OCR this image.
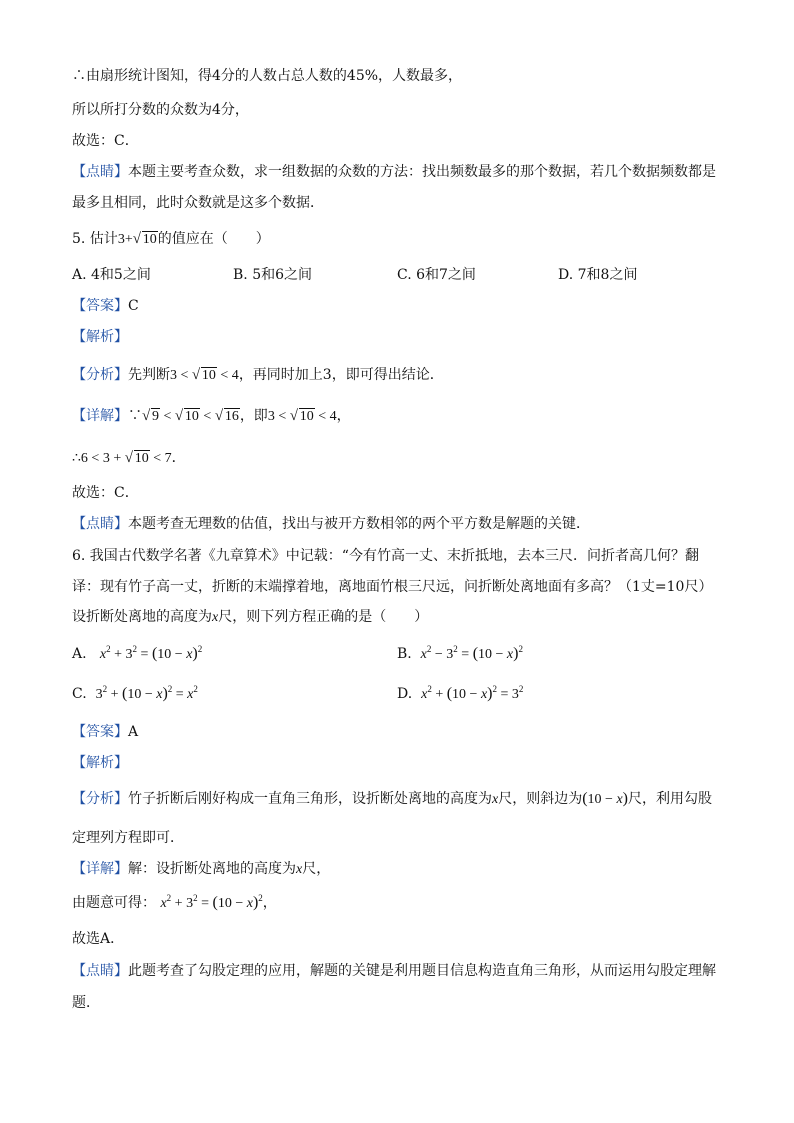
∴由扇形统计图知，得4分的人数占总人数的45%，人数最多，
所以所打分数的众数为4分，
故选：C．
【点睛】本题主要考查众数，求一组数据的众数的方法：找出频数最多的那个数据，若几个数据频数都是
最多且相同，此时众数就是这多个数据．
5. 估计3+ √ 10的值应在（　　）
A. 4和5之间	B. 5和6之间	C. 6和7之间	D. 7和8之间
【答案】C
【解析】
【分析】先判断3 < √ 10 < 4，再同时加上3，即可得出结论．
【详解】∵ √ 9 < √ 10 < √ 16，即3 < √ 10 < 4，
∴6 < 3 + √ 10 < 7．
故选：C．
【点睛】本题考查无理数的估值，找出与被开方数相邻的两个平方数是解题的关键．
6. 我国古代数学名著《九章算术》中记载：“今有竹高一丈、末折抵地，去本三尺．问折者高几何？翻
译：现有竹子高一丈，折断的末端撑着地，离地面竹根三尺远，问折断处离地面有多高？（1丈=10尺）
设折断处离地的高度为x尺，则下列方程正确的是（　　）
A. $x^2 + 3^2 = (10 - x)^2$	B. $x^2 - 3^2 = (10 - x)^2$
C. $3^2 + (10 - x)^2 = x^2$	D. $x^2 + (10 - x)^2 = 3^2$
【答案】A
【解析】
【分析】竹子折断后刚好构成一直角三角形，设折断处离地的高度为x尺，则斜边为(10 − x)尺，利用勾股
定理列方程即可．
【详解】解：设折断处离地的高度为x尺，
由题意可得： $x^2 + 3^2 = (10 - x)^2$，
故选A．
【点睛】此题考查了勾股定理的应用，解题的关键是利用题目信息构造直角三角形，从而运用勾股定理解
题．
